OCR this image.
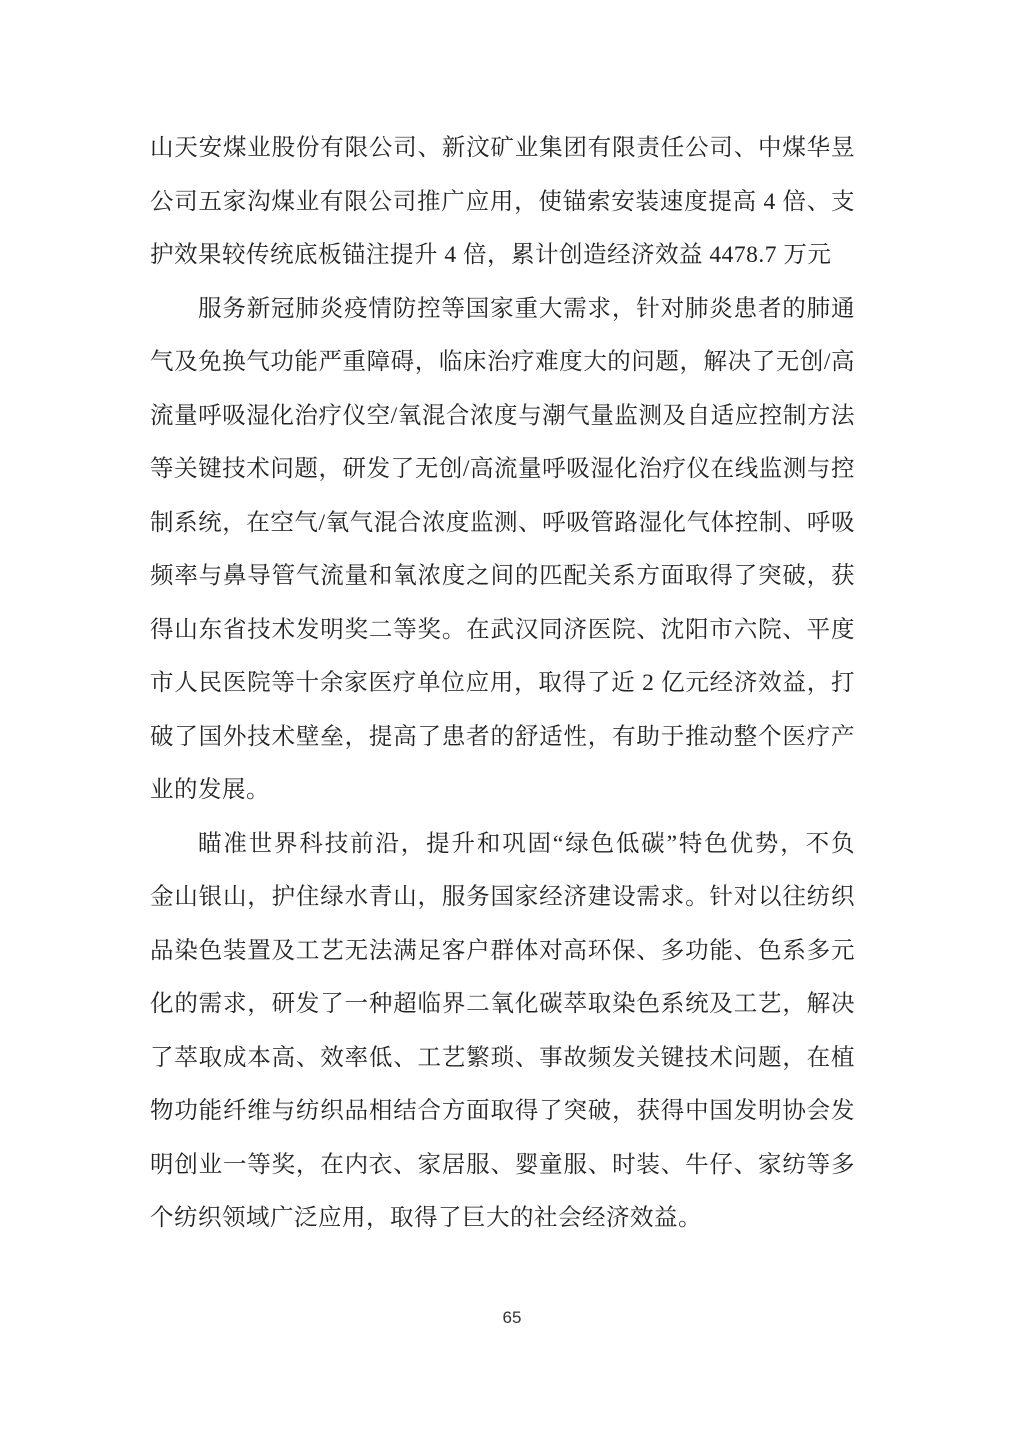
山天安煤业股份有限公司、新汶矿业集团有限责任公司、中煤华昱
公司五家沟煤业有限公司推广应用，使锚索安装速度提高 4 倍、支
护效果较传统底板锚注提升 4 倍，累计创造经济效益 4478.7 万元
服务新冠肺炎疫情防控等国家重大需求，针对肺炎患者的肺通
气及免换气功能严重障碍，临床治疗难度大的问题，解决了无创/高
流量呼吸湿化治疗仪空/氧混合浓度与潮气量监测及自适应控制方法
等关键技术问题，研发了无创/高流量呼吸湿化治疗仪在线监测与控
制系统，在空气/氧气混合浓度监测、呼吸管路湿化气体控制、呼吸
频率与鼻导管气流量和氧浓度之间的匹配关系方面取得了突破，获
得山东省技术发明奖二等奖。在武汉同济医院、沈阳市六院、平度
市人民医院等十余家医疗单位应用，取得了近 2 亿元经济效益，打
破了国外技术壁垒，提高了患者的舒适性，有助于推动整个医疗产
业的发展。
瞄准世界科技前沿，提升和巩固“绿色低碳”特色优势，不负
金山银山，护住绿水青山，服务国家经济建设需求。针对以往纺织
品染色装置及工艺无法满足客户群体对高环保、多功能、色系多元
化的需求，研发了一种超临界二氧化碳萃取染色系统及工艺，解决
了萃取成本高、效率低、工艺繁琐、事故频发关键技术问题，在植
物功能纤维与纺织品相结合方面取得了突破，获得中国发明协会发
明创业一等奖，在内衣、家居服、婴童服、时装、牛仔、家纺等多
个纺织领域广泛应用，取得了巨大的社会经济效益。
65
